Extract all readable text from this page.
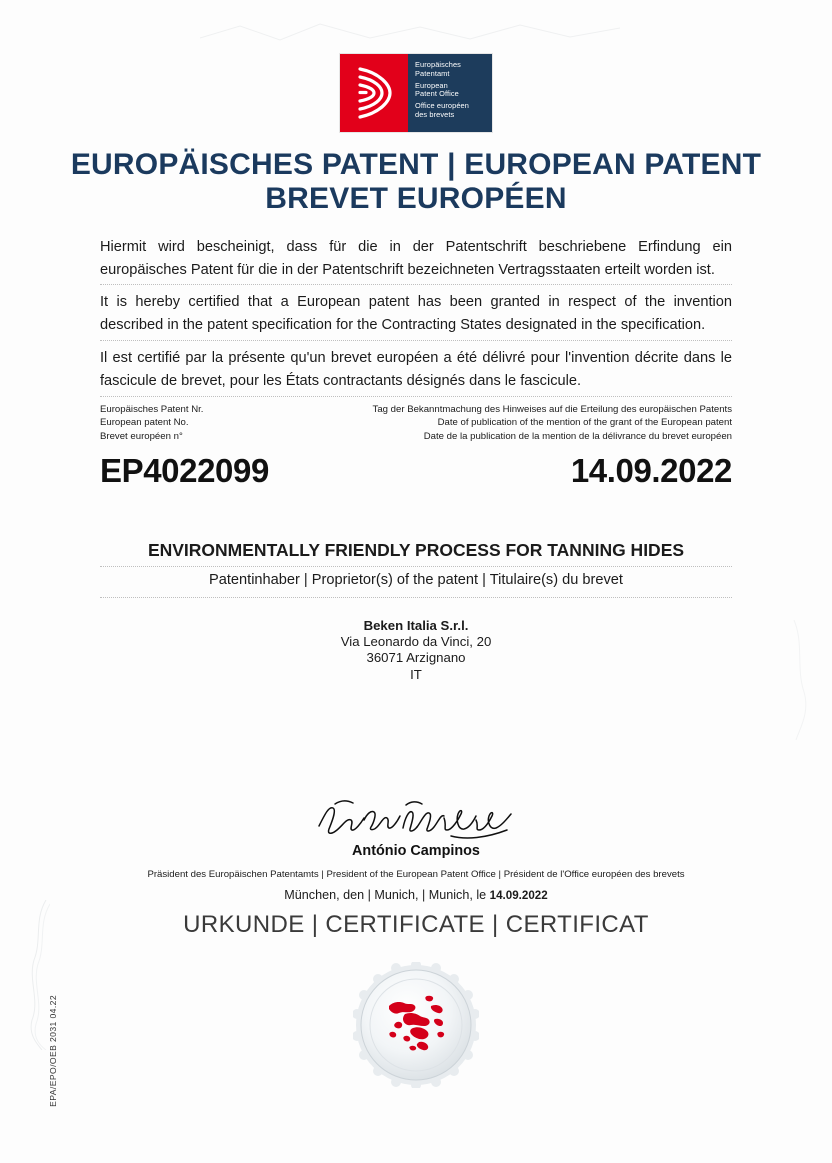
Europäisches
Patentamt
European
Patent Office
Office européen
des brevets
EUROPÄISCHES PATENT | EUROPEAN PATENT
BREVET EUROPÉEN
Hiermit wird bescheinigt, dass für die in der Patentschrift beschriebene Erfindung ein europäisches Patent für die in der Patentschrift bezeichneten Vertragsstaaten erteilt worden ist.
It is hereby certified that a European patent has been granted in respect of the invention described in the patent specification for the Contracting States designated in the specification.
Il est certifié par la présente qu'un brevet européen a été délivré pour l'invention décrite dans le fascicule de brevet, pour les États contractants désignés dans le fascicule.
Europäisches Patent Nr.
European patent No.
Brevet européen n°
Tag der Bekanntmachung des Hinweises auf die Erteilung des europäischen Patents
Date of publication of the mention of the grant of the European patent
Date de la publication de la mention de la délivrance du brevet européen
EP4022099	14.09.2022
ENVIRONMENTALLY FRIENDLY PROCESS FOR TANNING HIDES
Patentinhaber | Proprietor(s) of the patent | Titulaire(s) du brevet
Beken Italia S.r.l.
Via Leonardo da Vinci, 20
36071 Arzignano
IT
António Campinos
Präsident des Europäischen Patentamts | President of the European Patent Office | Président de l'Office européen des brevets
München, den | Munich, | Munich, le 14.09.2022
URKUNDE | CERTIFICATE | CERTIFICAT
EPA/EPO/OEB 2031 04.22
